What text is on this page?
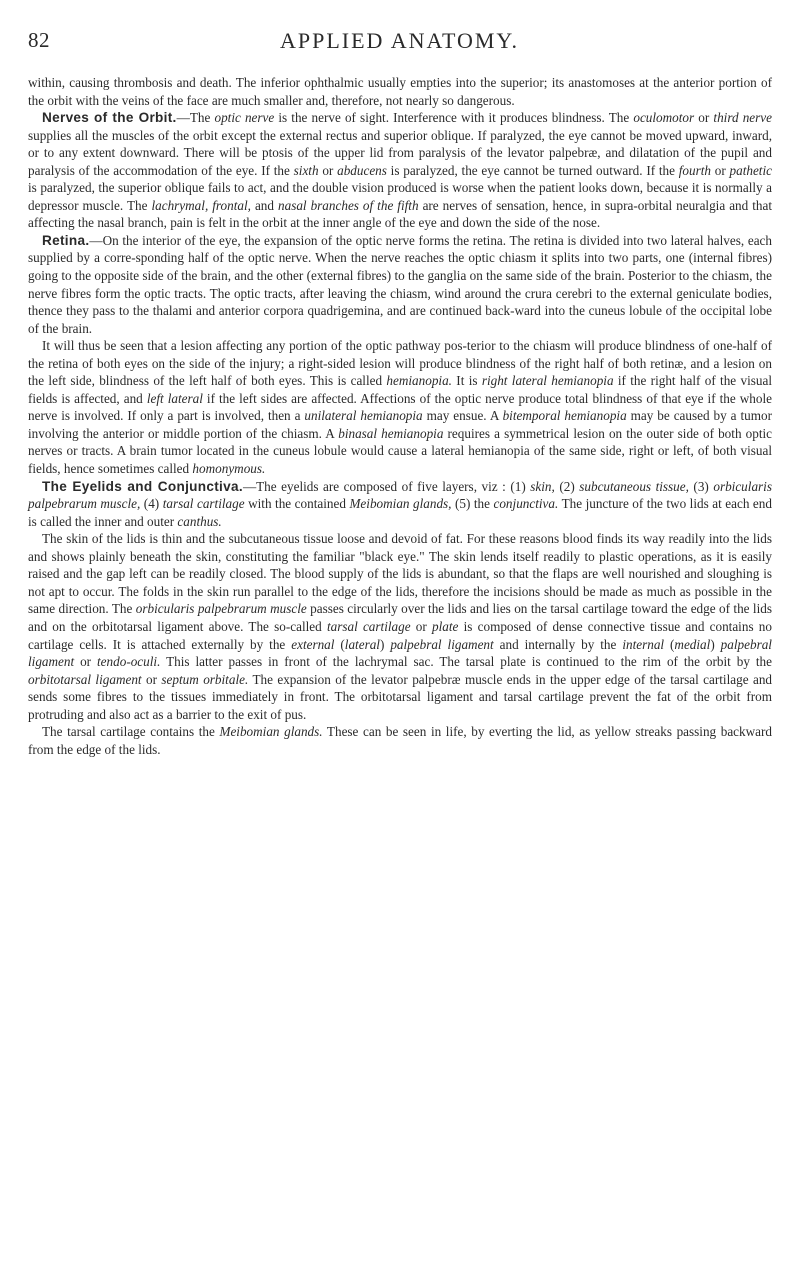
82	APPLIED ANATOMY.

within, causing thrombosis and death. The inferior ophthalmic usually empties into the superior; its anastomoses at the anterior portion of the orbit with the veins of the face are much smaller and, therefore, not nearly so dangerous.

Nerves of the Orbit.—The optic nerve is the nerve of sight. Interference with it produces blindness. The oculomotor or third nerve supplies all the muscles of the orbit except the external rectus and superior oblique. If paralyzed, the eye cannot be moved upward, inward, or to any extent downward. There will be ptosis of the upper lid from paralysis of the levator palpebræ, and dilatation of the pupil and paralysis of the accommodation of the eye. If the sixth or abducens is paralyzed, the eye cannot be turned outward. If the fourth or pathetic is paralyzed, the superior oblique fails to act, and the double vision produced is worse when the patient looks down, because it is normally a depressor muscle. The lachrymal, frontal, and nasal branches of the fifth are nerves of sensation, hence, in supra-orbital neuralgia and that affecting the nasal branch, pain is felt in the orbit at the inner angle of the eye and down the side of the nose.

Retina.—On the interior of the eye, the expansion of the optic nerve forms the retina. The retina is divided into two lateral halves, each supplied by a corre-sponding half of the optic nerve. When the nerve reaches the optic chiasm it splits into two parts, one (internal fibres) going to the opposite side of the brain, and the other (external fibres) to the ganglia on the same side of the brain. Posterior to the chiasm, the nerve fibres form the optic tracts. The optic tracts, after leaving the chiasm, wind around the crura cerebri to the external geniculate bodies, thence they pass to the thalami and anterior corpora quadrigemina, and are continued back-ward into the cuneus lobule of the occipital lobe of the brain.

It will thus be seen that a lesion affecting any portion of the optic pathway pos-terior to the chiasm will produce blindness of one-half of the retina of both eyes on the side of the injury; a right-sided lesion will produce blindness of the right half of both retinæ, and a lesion on the left side, blindness of the left half of both eyes. This is called hemianopia. It is right lateral hemianopia if the right half of the visual fields is affected, and left lateral if the left sides are affected. Affections of the optic nerve produce total blindness of that eye if the whole nerve is involved. If only a part is involved, then a unilateral hemianopia may ensue. A bitemporal hemianopia may be caused by a tumor involving the anterior or middle portion of the chiasm. A binasal hemianopia requires a symmetrical lesion on the outer side of both optic nerves or tracts. A brain tumor located in the cuneus lobule would cause a lateral hemianopia of the same side, right or left, of both visual fields, hence sometimes called homonymous.

The Eyelids and Conjunctiva.—The eyelids are composed of five layers, viz : (1) skin, (2) subcutaneous tissue, (3) orbicularis palpebrarum muscle, (4) tarsal cartilage with the contained Meibomian glands, (5) the conjunctiva. The juncture of the two lids at each end is called the inner and outer canthus.

The skin of the lids is thin and the subcutaneous tissue loose and devoid of fat. For these reasons blood finds its way readily into the lids and shows plainly beneath the skin, constituting the familiar "black eye." The skin lends itself readily to plastic operations, as it is easily raised and the gap left can be readily closed. The blood supply of the lids is abundant, so that the flaps are well nourished and sloughing is not apt to occur. The folds in the skin run parallel to the edge of the lids, therefore the incisions should be made as much as possible in the same direction. The orbicularis palpebrarum muscle passes circularly over the lids and lies on the tarsal cartilage toward the edge of the lids and on the orbitotarsal ligament above. The so-called tarsal cartilage or plate is composed of dense connective tissue and contains no cartilage cells. It is attached externally by the external (lateral) palpebral ligament and internally by the internal (medial) palpebral ligament or tendo-oculi. This latter passes in front of the lachrymal sac. The tarsal plate is continued to the rim of the orbit by the orbitotarsal ligament or septum orbitale. The expansion of the levator palpebræ muscle ends in the upper edge of the tarsal cartilage and sends some fibres to the tissues immediately in front. The orbitotarsal ligament and tarsal cartilage prevent the fat of the orbit from protruding and also act as a barrier to the exit of pus.

The tarsal cartilage contains the Meibomian glands. These can be seen in life, by everting the lid, as yellow streaks passing backward from the edge of the lids.
